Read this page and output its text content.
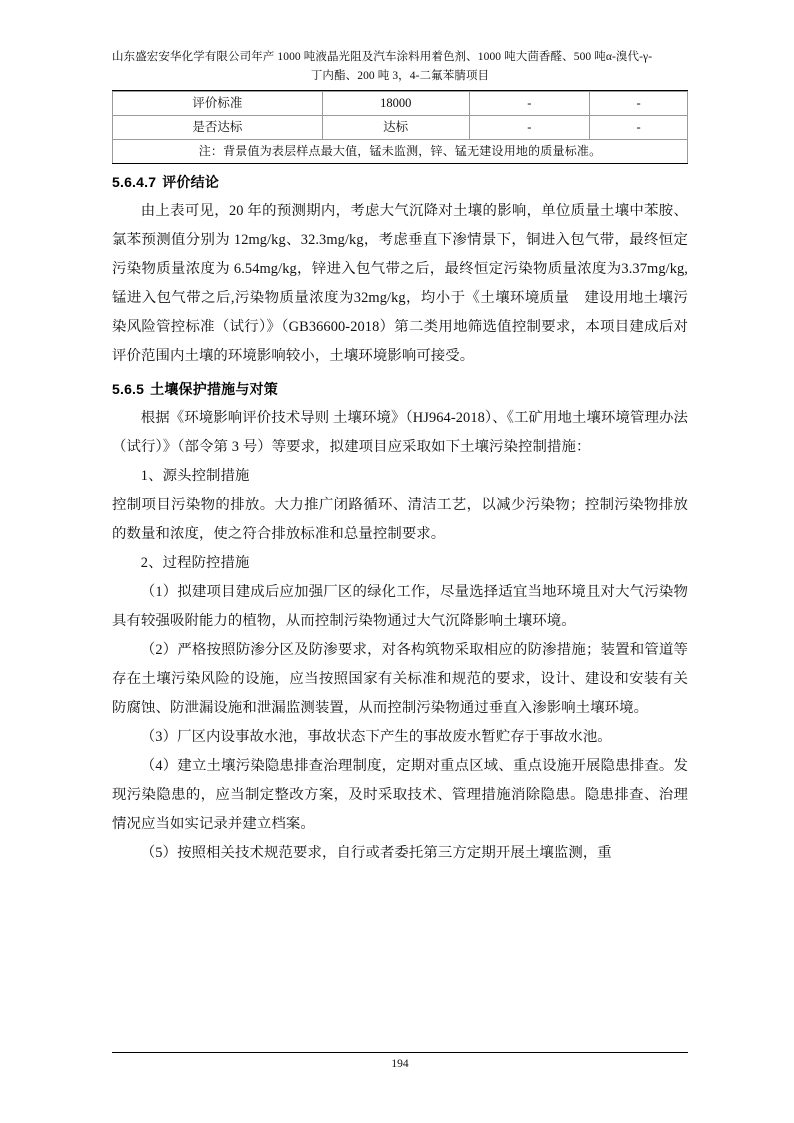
山东盛宏安华化学有限公司年产 1000 吨液晶光阻及汽车涂料用着色剂、1000 吨大茴香醛、500 吨α-溴代-γ-
丁内酯、200 吨 3，4-二氟苯腈项目
评价标准	18000	-	-
是否达标	达标	-	-
注：背景值为表层样点最大值，锰未监测，锌、锰无建设用地的质量标准。			
5.6.4.7 评价结论

由上表可见，20 年的预测期内，考虑大气沉降对土壤的影响，单位质量土壤中苯胺、氯苯预测值分别为 12mg/kg、32.3mg/kg，考虑垂直下渗情景下，铜进入包气带，最终恒定污染物质量浓度为 6.54mg/kg，锌进入包气带之后，最终恒定污染物质量浓度为3.37mg/kg,锰进入包气带之后,污染物质量浓度为32mg/kg，均小于《土壤环境质量　建设用地土壤污染风险管控标准（试行）》（GB36600-2018）第二类用地筛选值控制要求，本项目建成后对评价范围内土壤的环境影响较小，土壤环境影响可接受。

5.6.5 土壤保护措施与对策

根据《环境影响评价技术导则 土壤环境》（HJ964-2018）、《工矿用地土壤环境管理办法（试行）》（部令第 3 号）等要求，拟建项目应采取如下土壤污染控制措施：

1、源头控制措施

控制项目污染物的排放。大力推广闭路循环、清洁工艺，以减少污染物；控制污染物排放的数量和浓度，使之符合排放标准和总量控制要求。

2、过程防控措施

（1）拟建项目建成后应加强厂区的绿化工作，尽量选择适宜当地环境且对大气污染物具有较强吸附能力的植物，从而控制污染物通过大气沉降影响土壤环境。

（2）严格按照防渗分区及防渗要求，对各构筑物采取相应的防渗措施；装置和管道等存在土壤污染风险的设施，应当按照国家有关标准和规范的要求，设计、建设和安装有关防腐蚀、防泄漏设施和泄漏监测装置，从而控制污染物通过垂直入渗影响土壤环境。

（3）厂区内设事故水池，事故状态下产生的事故废水暂贮存于事故水池。

（4）建立土壤污染隐患排查治理制度，定期对重点区域、重点设施开展隐患排查。发现污染隐患的，应当制定整改方案，及时采取技术、管理措施消除隐患。隐患排查、治理情况应当如实记录并建立档案。

（5）按照相关技术规范要求，自行或者委托第三方定期开展土壤监测，重

194
